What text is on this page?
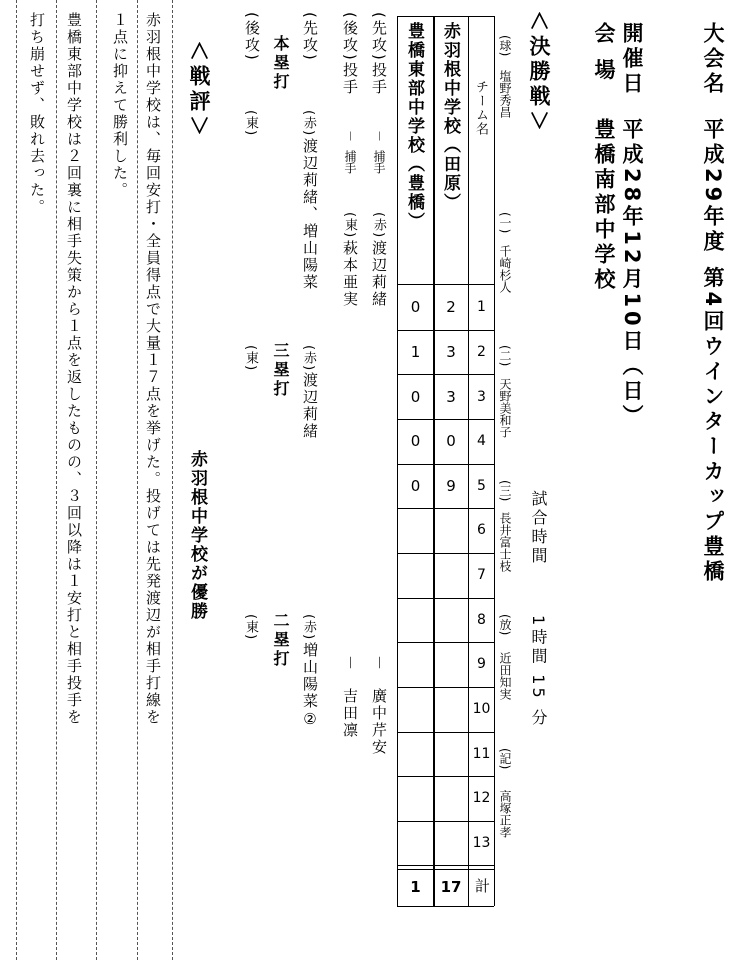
大会名
平成29年度 第4回ウインターカップ豊橋
開催日
平成28年12月10日（日）
会 場
豊橋南部中学校
＜決勝戦＞
(球)
塩野秀昌
(一)
千崎杉人
(二)
天野美和子
(三)
長井富士枝
(放)
近田知実
(記)
高塚正孝
試合時間
1時間 15 分
チーム名
赤羽根中学校（田原）
豊橋東部中学校（豊橋）
1
2
3
4
5
6
7
8
9
10
11
12
13
計
2
3
3
0
9
17
0
1
0
0
0
1
(先攻)投手
－
捕手
(赤)
渡辺莉緒
－
廣中芹安
(後攻)投手
－
捕手
(東)
萩本亜実
－
吉田凛
(先攻)
本塁打
(後攻)
(赤)
渡辺莉緒、増山陽菜
(東)
三塁打 (赤)
渡辺莉緒
(東)
二塁打 (赤)
増山陽菜②
(東)
＜戦評＞
赤羽根中学校が優勝
赤羽根中学校は、毎回安打・全員得点で大量１７点を挙げた。投げては先発渡辺が相手打線を
１点に抑えて勝利した。
豊橋東部中学校は２回裏に相手失策から１点を返したものの、３回以降は１安打と相手投手を
打ち崩せず、敗れ去った。
